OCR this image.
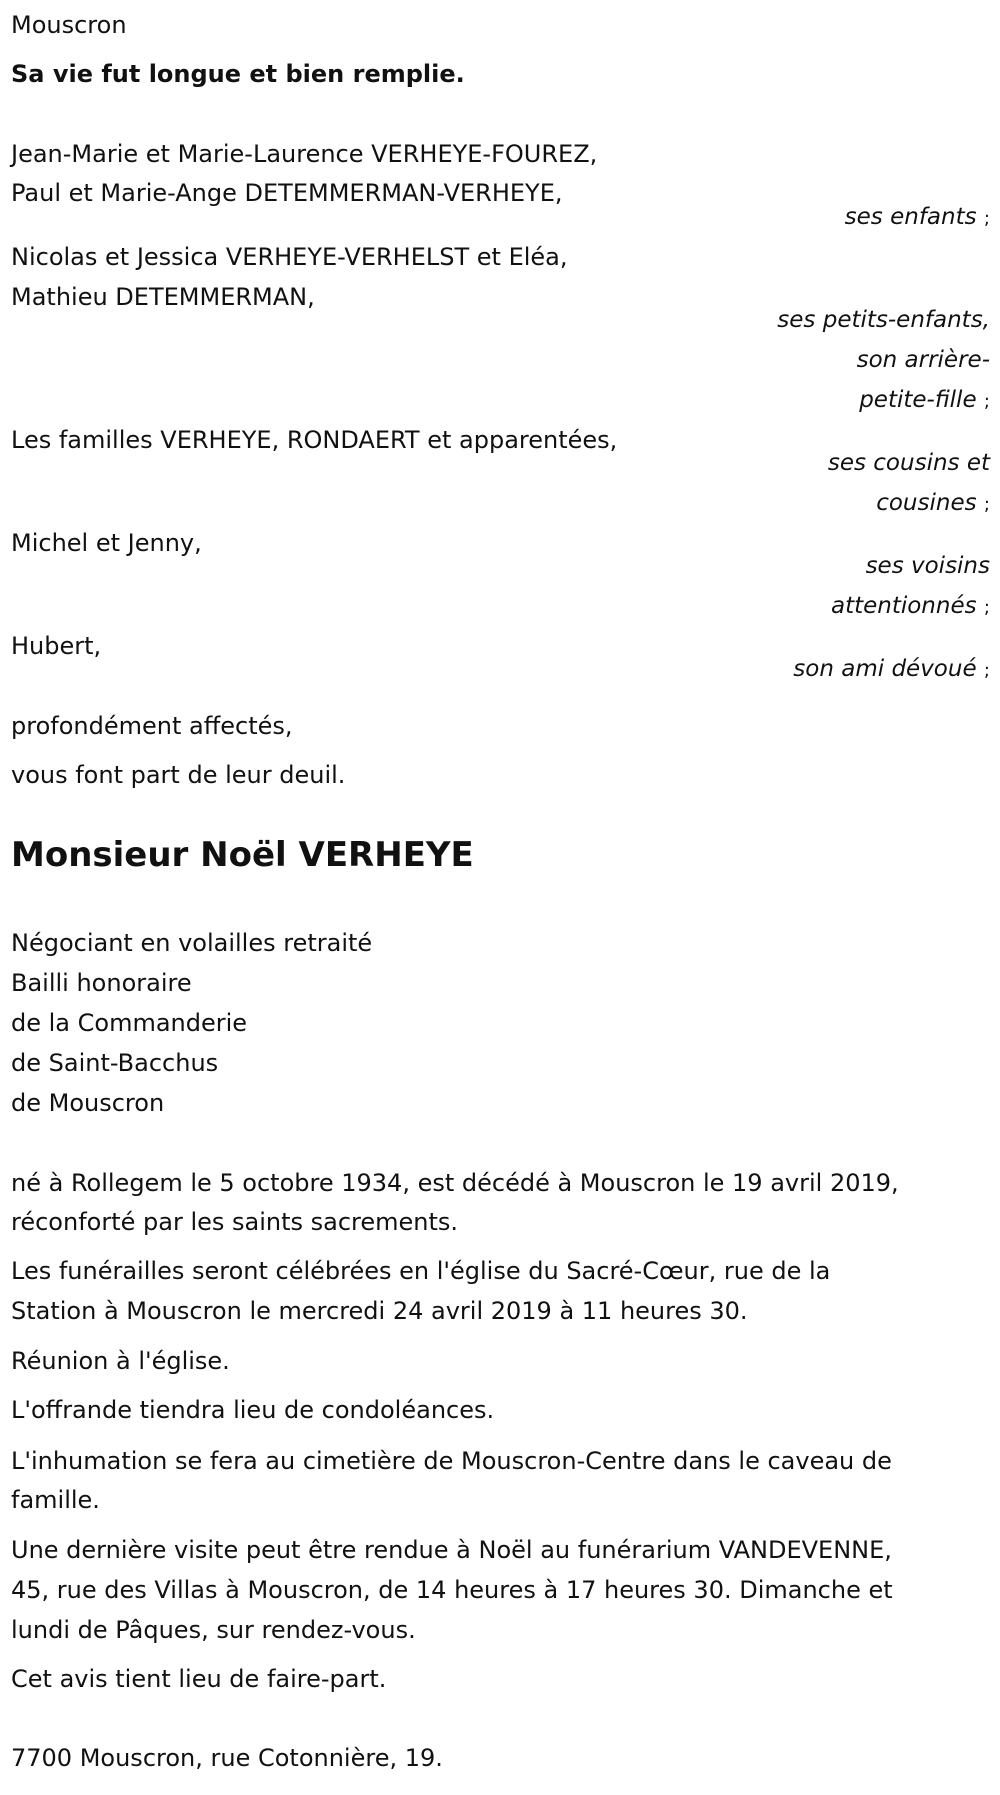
Mouscron
Sa vie fut longue et bien remplie.
Jean-Marie et Marie-Laurence VERHEYE-FOUREZ,
Paul et Marie-Ange DETEMMERMAN-VERHEYE,
ses enfants ;
Nicolas et Jessica VERHEYE-VERHELST et Eléa,
Mathieu DETEMMERMAN,
ses petits-enfants,
son arrière-
petite-fille ;
Les familles VERHEYE, RONDAERT et apparentées,
ses cousins et
cousines ;
Michel et Jenny,
ses voisins
attentionnés ;
Hubert,
son ami dévoué ;
profondément affectés,
vous font part de leur deuil.
Monsieur Noël VERHEYE
Négociant en volailles retraité
Bailli honoraire
de la Commanderie
de Saint-Bacchus
de Mouscron
né à Rollegem le 5 octobre 1934, est décédé à Mouscron le 19 avril 2019,
réconforté par les saints sacrements.
Les funérailles seront célébrées en l'église du Sacré-Cœur, rue de la
Station à Mouscron le mercredi 24 avril 2019 à 11 heures 30.
Réunion à l'église.
L'offrande tiendra lieu de condoléances.
L'inhumation se fera au cimetière de Mouscron-Centre dans le caveau de
famille.
Une dernière visite peut être rendue à Noël au funérarium VANDEVENNE,
45, rue des Villas à Mouscron, de 14 heures à 17 heures 30. Dimanche et
lundi de Pâques, sur rendez-vous.
Cet avis tient lieu de faire-part.
7700 Mouscron, rue Cotonnière, 19.
